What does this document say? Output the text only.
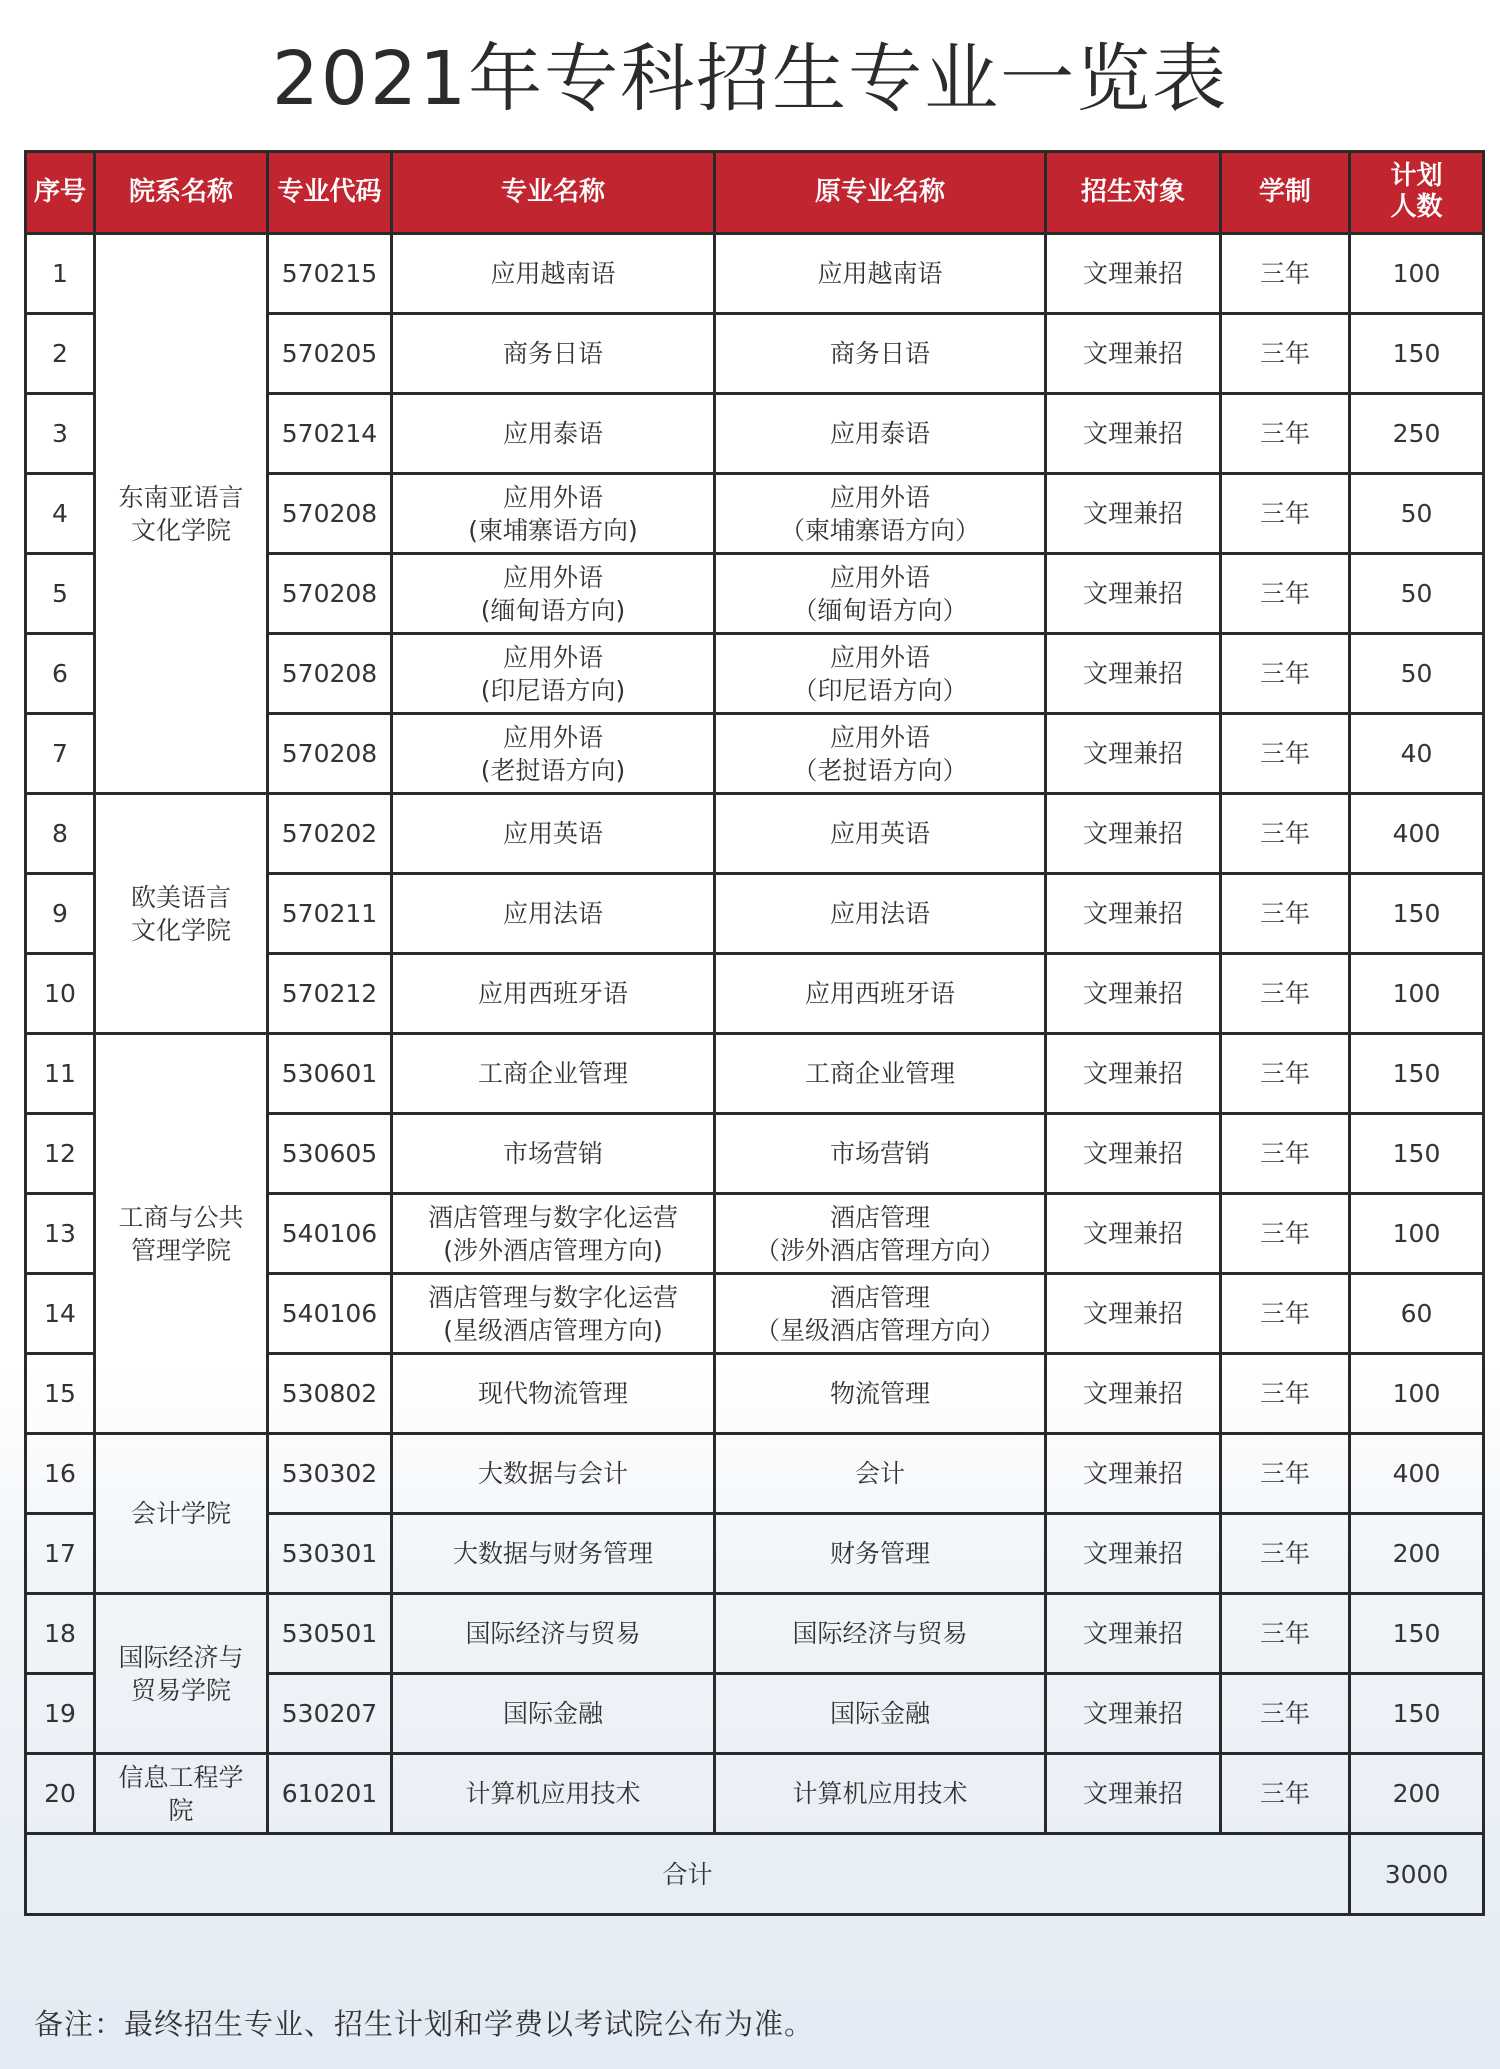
2021年专科招生专业一览表
序号	院系名称	专业代码	专业名称	原专业名称	招生对象	学制	计划人数
1	东南亚语言
文化学院	570215	应用越南语	应用越南语	文理兼招	三年	100
2		570205	商务日语	商务日语	文理兼招	三年	150
3		570214	应用泰语	应用泰语	文理兼招	三年	250
4		570208	应用外语
(柬埔寨语方向)	应用外语
（柬埔寨语方向）	文理兼招	三年	50
5		570208	应用外语
(缅甸语方向)	应用外语
（缅甸语方向）	文理兼招	三年	50
6		570208	应用外语
(印尼语方向)	应用外语
（印尼语方向）	文理兼招	三年	50
7		570208	应用外语
(老挝语方向)	应用外语
（老挝语方向）	文理兼招	三年	40
8	欧美语言
文化学院	570202	应用英语	应用英语	文理兼招	三年	400
9		570211	应用法语	应用法语	文理兼招	三年	150
10		570212	应用西班牙语	应用西班牙语	文理兼招	三年	100
11	工商与公共
管理学院	530601	工商企业管理	工商企业管理	文理兼招	三年	150
12		530605	市场营销	市场营销	文理兼招	三年	150
13		540106	酒店管理与数字化运营
(涉外酒店管理方向)	酒店管理
（涉外酒店管理方向）	文理兼招	三年	100
14		540106	酒店管理与数字化运营
(星级酒店管理方向)	酒店管理
（星级酒店管理方向）	文理兼招	三年	60
15		530802	现代物流管理	物流管理	文理兼招	三年	100
16	会计学院	530302	大数据与会计	会计	文理兼招	三年	400
17		530301	大数据与财务管理	财务管理	文理兼招	三年	200
18	国际经济与
贸易学院	530501	国际经济与贸易	国际经济与贸易	文理兼招	三年	150
19		530207	国际金融	国际金融	文理兼招	三年	150
20	信息工程学
院	610201	计算机应用技术	计算机应用技术	文理兼招	三年	200
合计							3000
备注：最终招生专业、招生计划和学费以考试院公布为准。
